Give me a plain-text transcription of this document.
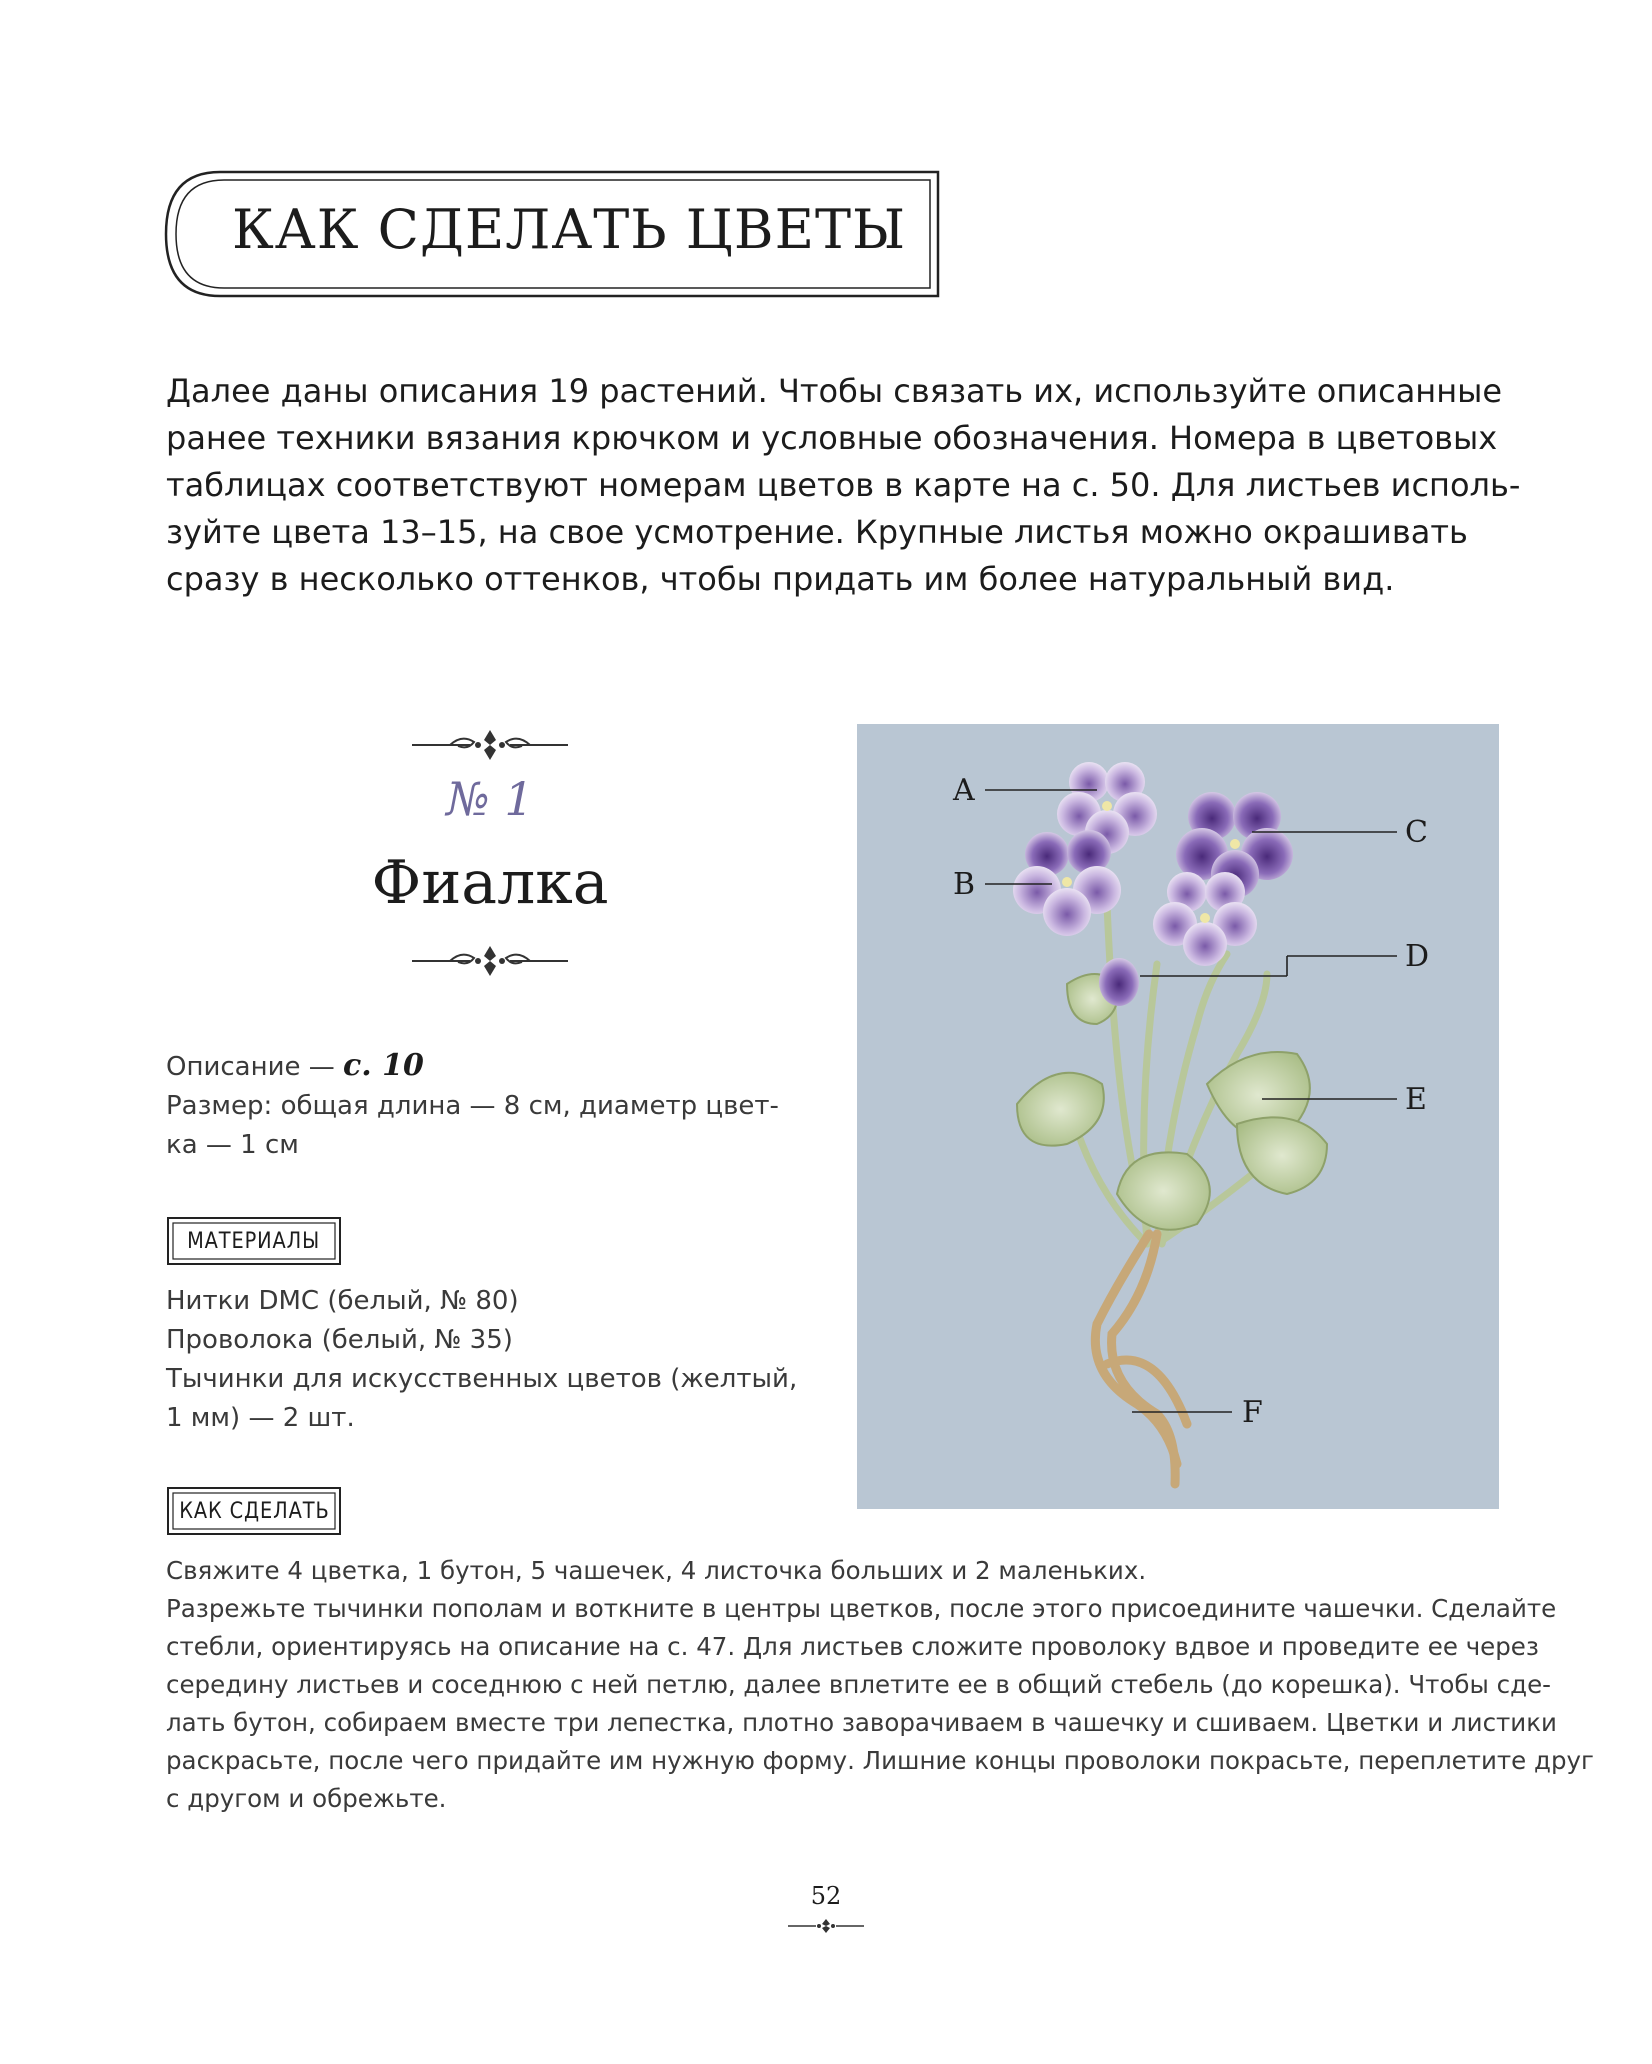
КАК СДЕЛАТЬ ЦВЕТЫ
Далее даны описания 19 растений. Чтобы связать их, используйте описанные
ранее техники вязания крючком и условные обозначения. Номера в цветовых
таблицах соответствуют номерам цветов в карте на с. 50. Для листьев исполь-
зуйте цвета 13–15, на свое усмотрение. Крупные листья можно окрашивать
сразу в несколько оттенков, чтобы придать им более натуральный вид.
№ 1
Фиалка
Описание — с. 10
Размер: общая длина — 8 см, диаметр цвет-
ка — 1 см
МАТЕРИАЛЫ
Нитки DMC (белый, № 80)
Проволока (белый, № 35)
Тычинки для искусственных цветов (желтый,
1 мм) — 2 шт.
КАК СДЕЛАТЬ
Свяжите 4 цветка, 1 бутон, 5 чашечек, 4 листочка больших и 2 маленьких.
Разрежьте тычинки пополам и воткните в центры цветков, после этого присоедините чашечки. Сделайте
стебли, ориентируясь на описание на с. 47. Для листьев сложите проволоку вдвое и проведите ее через
середину листьев и соседнюю с ней петлю, далее вплетите ее в общий стебель (до корешка). Чтобы сде-
лать бутон, собираем вместе три лепестка, плотно заворачиваем в чашечку и сшиваем. Цветки и листики
раскрасьте, после чего придайте им нужную форму. Лишние концы проволоки покрасьте, переплетите друг
с другом и обрежьте.
A
B
C
D
E
F
52
